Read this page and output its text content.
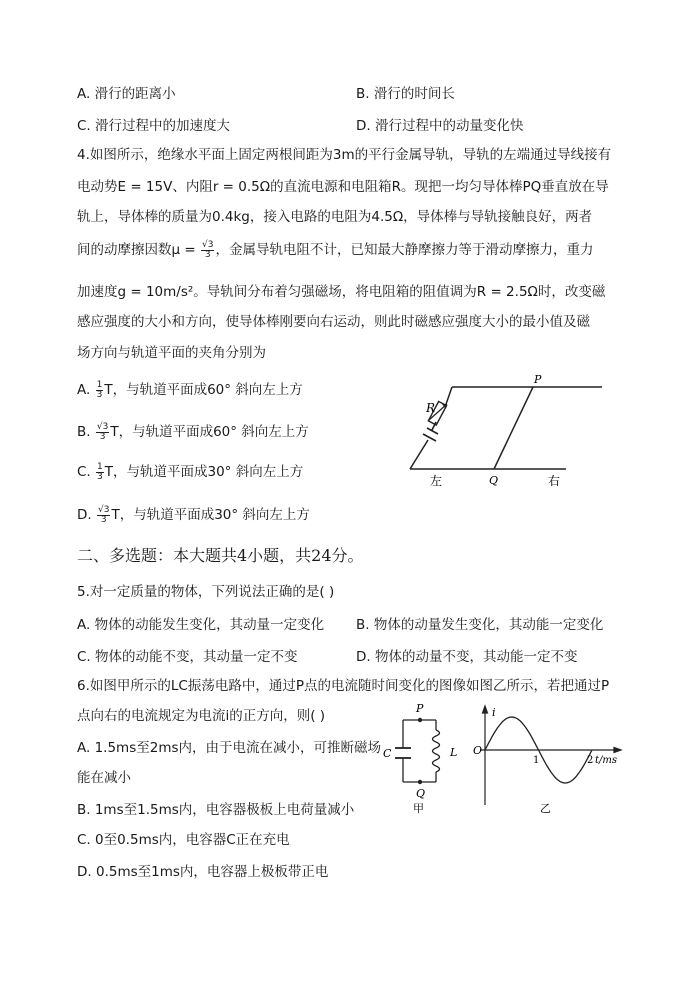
A. 滑行的距离小	B. 滑行的时间长
C. 滑行过程中的加速度大	D. 滑行过程中的动量变化快
4.如图所示，绝缘水平面上固定两根间距为3m的平行金属导轨，导轨的左端通过导线接有
电动势E = 15V、内阻r = 0.5Ω的直流电源和电阻箱R。现把一均匀导体棒PQ垂直放在导
轨上，导体棒的质量为0.4kg，接入电路的电阻为4.5Ω，导体棒与导轨接触良好，两者
间的动摩擦因数$\mu = \frac{√3}{3}$ ，金属导轨电阻不计，已知最大静摩擦力等于滑动摩擦力，重力
加速度g = 10m/s²。导轨间分布着匀强磁场，将电阻箱的阻值调为R = 2.5Ω时，改变磁
感应强度的大小和方向，使导体棒刚要向右运动，则此时磁感应强度大小的最小值及磁
场方向与轨道平面的夹角分别为
A. $\frac{1}{3}$ T，与轨道平面成60° 斜向左上方
B. $\frac{√3}{3}$ T，与轨道平面成60° 斜向左上方
C. $\frac{1}{3}$ T，与轨道平面成30° 斜向左上方
D. $\frac{√3}{3}$ T，与轨道平面成30° 斜向左上方
R
P
Q
左	右
二、多选题：本大题共4小题，共24分。
5.对一定质量的物体，下列说法正确的是( )
A. 物体的动能发生变化，其动量一定变化 B. 物体的动量发生变化，其动能一定变化
C. 物体的动能不变，其动量一定不变	D. 物体的动量不变，其动能一定不变
6.如图甲所示的LC振荡电路中，通过P点的电流随时间变化的图像如图乙所示，若把通过P
点向右的电流规定为电流i的正方向，则( )
A. 1.5ms至2ms内，由于电流在减小，可推断磁场
能在减小
B. 1ms至1.5ms内，电容器极板上电荷量减小
C. 0至0.5ms内，电容器C正在充电
D. 0.5ms至1ms内，电容器上极板带正电
P
Q
C	L
甲
i
O
1	2 t/ms
乙
